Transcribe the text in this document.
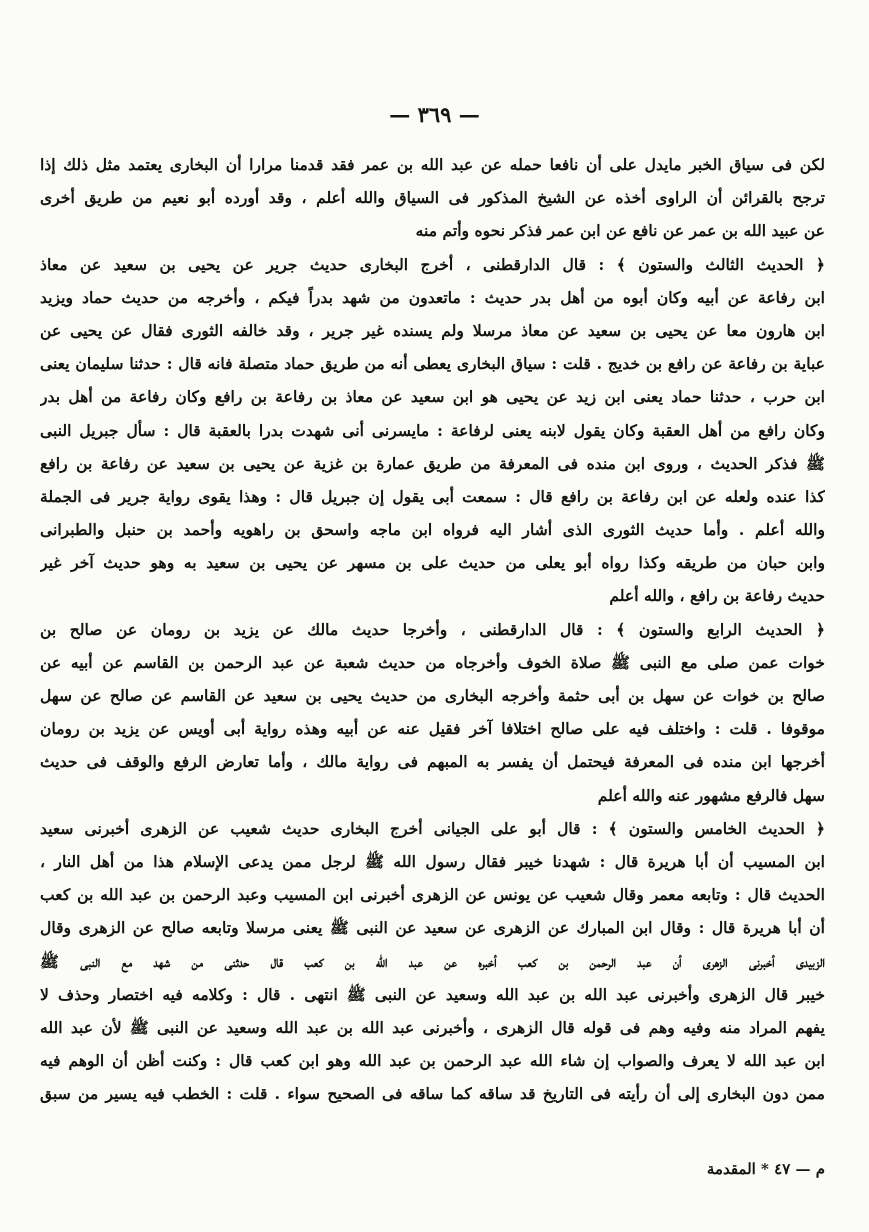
— ٣٦٩ —
لكن فى سياق الخبر مايدل على أن نافعا حمله عن عبد الله بن عمر فقد قدمنا مرارا أن البخارى يعتمد مثل ذلك إذا
ترجح بالقرائن أن الراوى أخذه عن الشيخ المذكور فى السياق والله أعلم ، وقد أورده أبو نعيم من طريق أخرى
عن عبيد الله بن عمر عن نافع عن ابن عمر فذكر نحوه وأتم منه
﴿ الحديث الثالث والستون ﴾ : قال الدارقطنى ، أخرج البخارى حديث جرير عن يحيى بن سعيد عن معاذ
ابن رفاعة عن أبيه وكان أبوه من أهل بدر حديث : ماتعدون من شهد بدراً فيكم ، وأخرجه من حديث حماد ويزيد
ابن هارون معا عن يحيى بن سعيد عن معاذ مرسلا ولم يسنده غير جرير ، وقد خالفه الثورى فقال عن يحيى عن
عباية بن رفاعة عن رافع بن خديج . قلت : سياق البخارى يعطى أنه من طريق حماد متصلة فانه قال : حدثنا سليمان يعنى
ابن حرب ، حدثنا حماد يعنى ابن زيد عن يحيى هو ابن سعيد عن معاذ بن رفاعة بن رافع وكان رفاعة من أهل بدر
وكان رافع من أهل العقبة وكان يقول لابنه يعنى لرفاعة : مايسرنى أنى شهدت بدرا بالعقبة قال : سأل جبريل النبى
ﷺ فذكر الحديث ، وروى ابن منده فى المعرفة من طريق عمارة بن غزية عن يحيى بن سعيد عن رفاعة بن رافع
كذا عنده ولعله عن ابن رفاعة بن رافع قال : سمعت أبى يقول إن جبريل قال : وهذا يقوى رواية جرير فى الجملة
والله أعلم . وأما حديث الثورى الذى أشار اليه فرواه ابن ماجه واسحق بن راهويه وأحمد بن حنبل والطبرانى
وابن حبان من طريقه وكذا رواه أبو يعلى من حديث على بن مسهر عن يحيى بن سعيد به وهو حديث آخر غير
حديث رفاعة بن رافع ، والله أعلم
﴿ الحديث الرابع والستون ﴾ : قال الدارقطنى ، وأخرجا حديث مالك عن يزيد بن رومان عن صالح بن
خوات عمن صلى مع النبى ﷺ صلاة الخوف وأخرجاه من حديث شعبة عن عبد الرحمن بن القاسم عن أبيه عن
صالح بن خوات عن سهل بن أبى حثمة وأخرجه البخارى من حديث يحيى بن سعيد عن القاسم عن صالح عن سهل
موقوفا . قلت : واختلف فيه على صالح اختلافا آخر فقيل عنه عن أبيه وهذه رواية أبى أويس عن يزيد بن رومان
أخرجها ابن منده فى المعرفة فيحتمل أن يفسر به المبهم فى رواية مالك ، وأما تعارض الرفع والوقف فى حديث
سهل فالرفع مشهور عنه والله أعلم
﴿ الحديث الخامس والستون ﴾ : قال أبو على الجيانى أخرج البخارى حديث شعيب عن الزهرى أخبرنى سعيد
ابن المسيب أن أبا هريرة قال : شهدنا خيبر فقال رسول الله ﷺ لرجل ممن يدعى الإسلام هذا من أهل النار ،
الحديث قال : وتابعه معمر وقال شعيب عن يونس عن الزهرى أخبرنى ابن المسيب وعبد الرحمن بن عبد الله بن كعب
أن أبا هريرة قال : وقال ابن المبارك عن الزهرى عن سعيد عن النبى ﷺ يعنى مرسلا وتابعه صالح عن الزهرى وقال
الزبيدى أخبرنى الزهرى أن عبد الرحمن بن كعب أخبره عن عبد الله بن كعب قال حدثنى من شهد مع النبى ﷺ
خيبر قال الزهرى وأخبرنى عبد الله بن عبد الله وسعيد عن النبى ﷺ انتهى . قال : وكلامه فيه اختصار وحذف لا
يفهم المراد منه وفيه وهم فى قوله قال الزهرى ، وأخبرنى عبد الله بن عبد الله وسعيد عن النبى ﷺ لأن عبد الله
ابن عبد الله لا يعرف والصواب إن شاء الله عبد الرحمن بن عبد الله وهو ابن كعب قال : وكنت أظن أن الوهم فيه
ممن دون البخارى إلى أن رأيته فى التاريخ قد ساقه كما ساقه فى الصحيح سواء . قلت : الخطب فيه يسير من سبق
م — ٤٧ * المقدمة
